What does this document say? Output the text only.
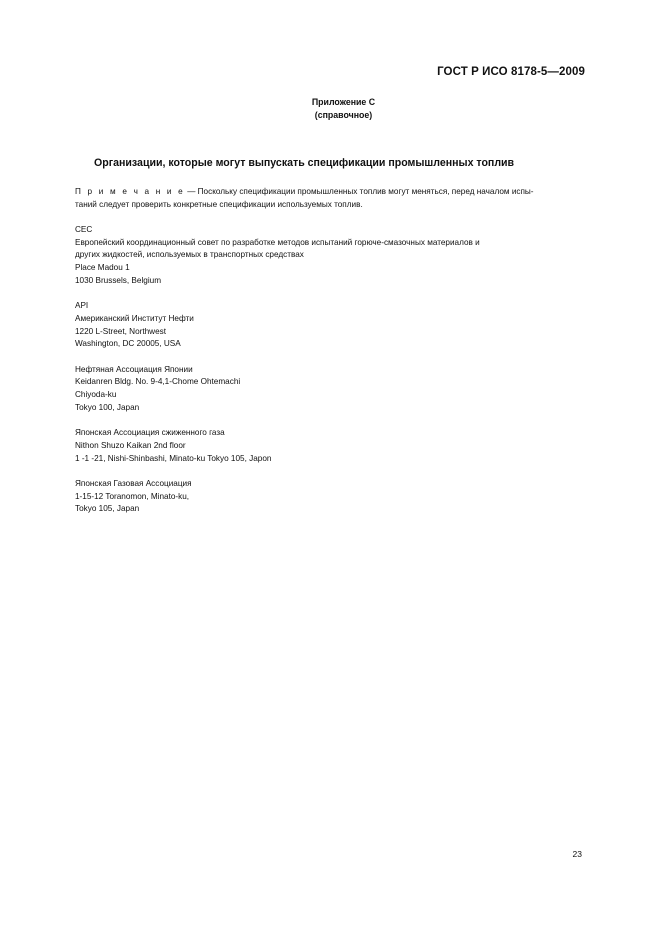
ГОСТ Р ИСО 8178-5—2009
Приложение С
(справочное)
Организации, которые могут выпускать спецификации промышленных топлив
П р и м е ч а н и е — Поскольку спецификации промышленных топлив могут меняться, перед началом испы-
таний следует проверить конкретные спецификации используемых топлив.
CEC
Европейский координационный совет по разработке методов испытаний горюче-смазочных материалов и
других жидкостей, используемых в транспортных средствах
Place Madou 1
1030 Brussels, Belgium
API
Американский Институт Нефти
1220 L-Street, Northwest
Washington, DC 20005, USA
Нефтяная Ассоциация Японии
Keidanren Bldg. No. 9-4,1-Chome Ohtemachi
Chiyoda-ku
Tokyo 100, Japan
Японская Ассоциация сжиженного газа
Nithon Shuzo Kaikan 2nd floor
1 -1 -21, Nishi-Shinbashi, Minato-ku Tokyo 105, Japon
Японская Газовая Ассоциация
1-15-12 Toranomon, Minato-ku,
Tokyo 105, Japan
23
